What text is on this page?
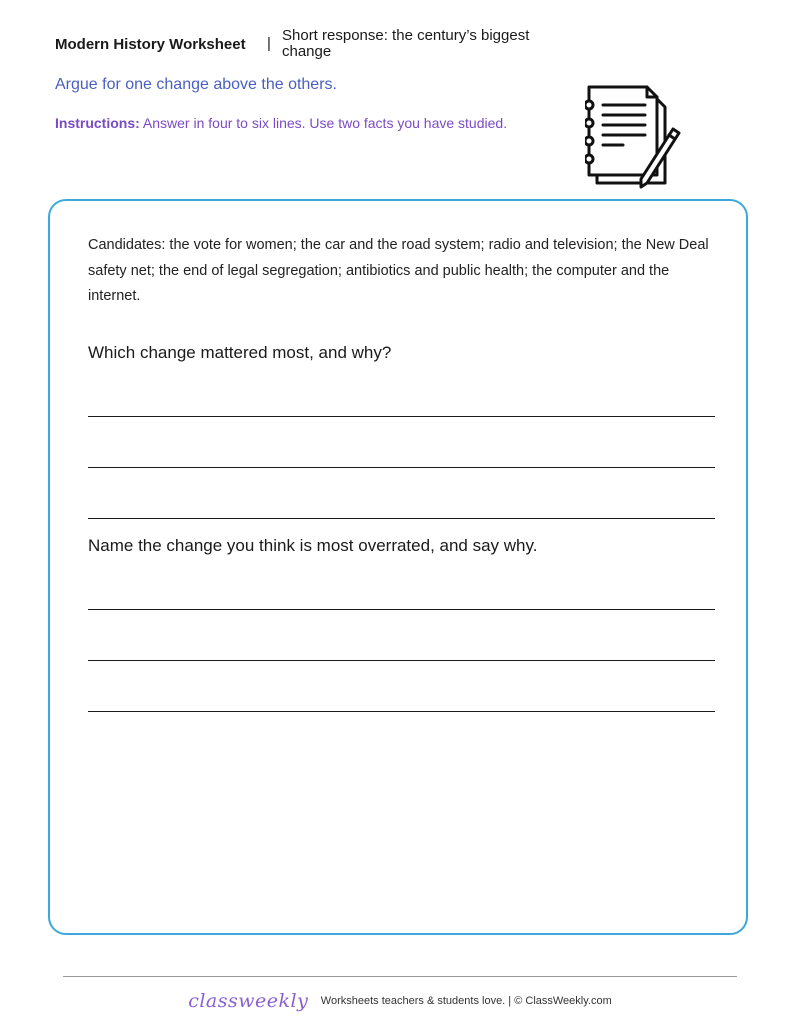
Modern History Worksheet | Short response: the century’s biggest change
Argue for one change above the others.
Instructions: Answer in four to six lines. Use two facts you have studied.
Candidates: the vote for women; the car and the road system; radio and television; the New Deal safety net; the end of legal segregation; antibiotics and public health; the computer and the internet.
Which change mattered most, and why?
Name the change you think is most overrated, and say why.
classweekly Worksheets teachers & students love. | © ClassWeekly.com
